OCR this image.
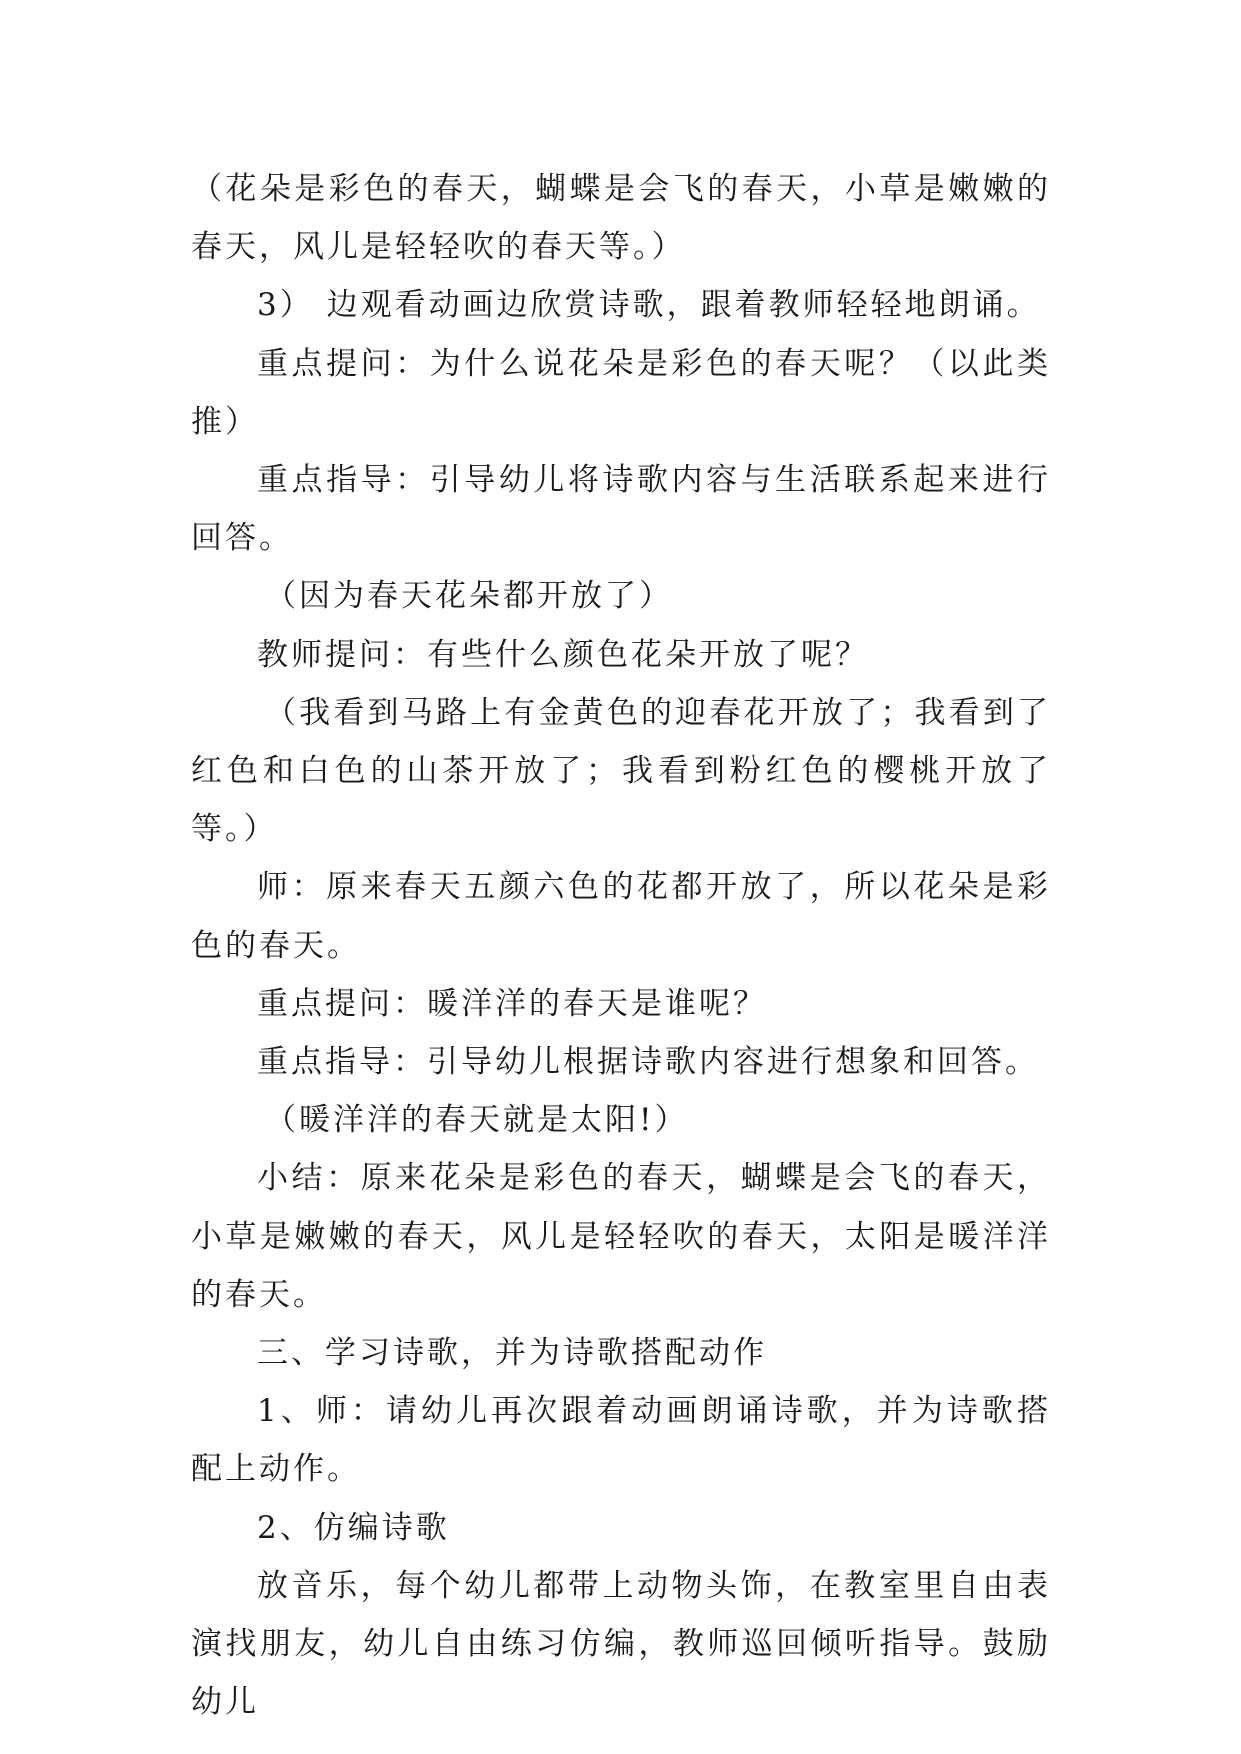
（花朵是彩色的春天，蝴蝶是会飞的春天，小草是嫩嫩的春天，风儿是轻轻吹的春天等。）

3） 边观看动画边欣赏诗歌，跟着教师轻轻地朗诵。

重点提问：为什么说花朵是彩色的春天呢？（以此类推）

重点指导：引导幼儿将诗歌内容与生活联系起来进行回答。

（因为春天花朵都开放了）

教师提问：有些什么颜色花朵开放了呢？

（我看到马路上有金黄色的迎春花开放了；我看到了红色和白色的山茶开放了；我看到粉红色的樱桃开放了等。）

师：原来春天五颜六色的花都开放了，所以花朵是彩色的春天。

重点提问：暖洋洋的春天是谁呢？

重点指导：引导幼儿根据诗歌内容进行想象和回答。

（暖洋洋的春天就是太阳!）

小结：原来花朵是彩色的春天，蝴蝶是会飞的春天，小草是嫩嫩的春天，风儿是轻轻吹的春天，太阳是暖洋洋的春天。

三、学习诗歌，并为诗歌搭配动作

1、师：请幼儿再次跟着动画朗诵诗歌，并为诗歌搭配上动作。

2、仿编诗歌

放音乐，每个幼儿都带上动物头饰，在教室里自由表演找朋友，幼儿自由练习仿编，教师巡回倾听指导。鼓励幼儿
